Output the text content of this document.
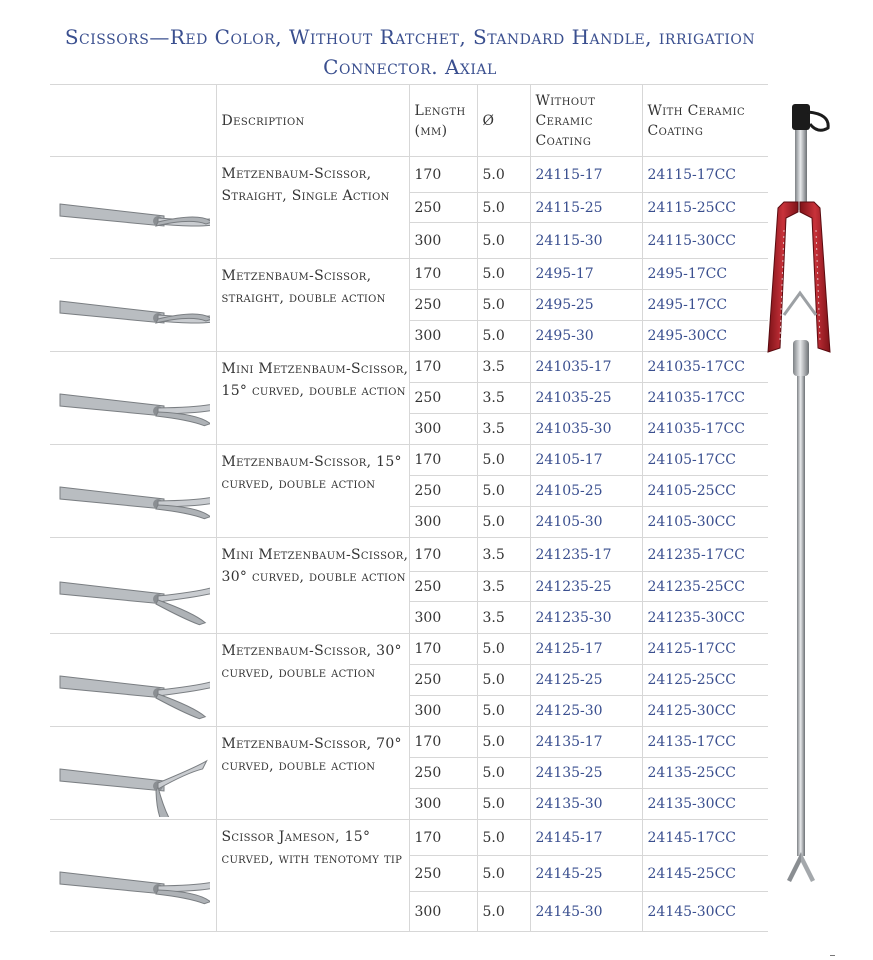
Scissors—Red Color, Without Ratchet, Standard Handle, irrigation
Connector. Axial
	Description	Length (mm)	Ø	Without Ceramic Coating	With Ceramic Coating

	Metzenbaum-Scissor, Straight, Single Action	170	5.0	24115-17	24115-17CC
		250	5.0	24115-25	24115-25CC
		300	5.0	24115-30	24115-30CC

	Metzenbaum-Scissor, straight, double action	170	5.0	2495-17	2495-17CC
		250	5.0	2495-25	2495-17CC
		300	5.0	2495-30	2495-30CC

	Mini Metzenbaum-Scissor, 15° curved, double action	170	3.5	241035-17	241035-17CC
		250	3.5	241035-25	241035-17CC
		300	3.5	241035-30	241035-17CC

	Metzenbaum-Scissor, 15° curved, double action	170	5.0	24105-17	24105-17CC
		250	5.0	24105-25	24105-25CC
		300	5.0	24105-30	24105-30CC

	Mini Metzenbaum-Scissor, 30° curved, double action	170	3.5	241235-17	241235-17CC
		250	3.5	241235-25	241235-25CC
		300	3.5	241235-30	241235-30CC

	Metzenbaum-Scissor, 30° curved, double action	170	5.0	24125-17	24125-17CC
		250	5.0	24125-25	24125-25CC
		300	5.0	24125-30	24125-30CC

	Metzenbaum-Scissor, 70° curved, double action	170	5.0	24135-17	24135-17CC
		250	5.0	24135-25	24135-25CC
		300	5.0	24135-30	24135-30CC

	Scissor Jameson, 15° curved, with tenotomy tip	170	5.0	24145-17	24145-17CC
		250	5.0	24145-25	24145-25CC
		300	5.0	24145-30	24145-30CC
